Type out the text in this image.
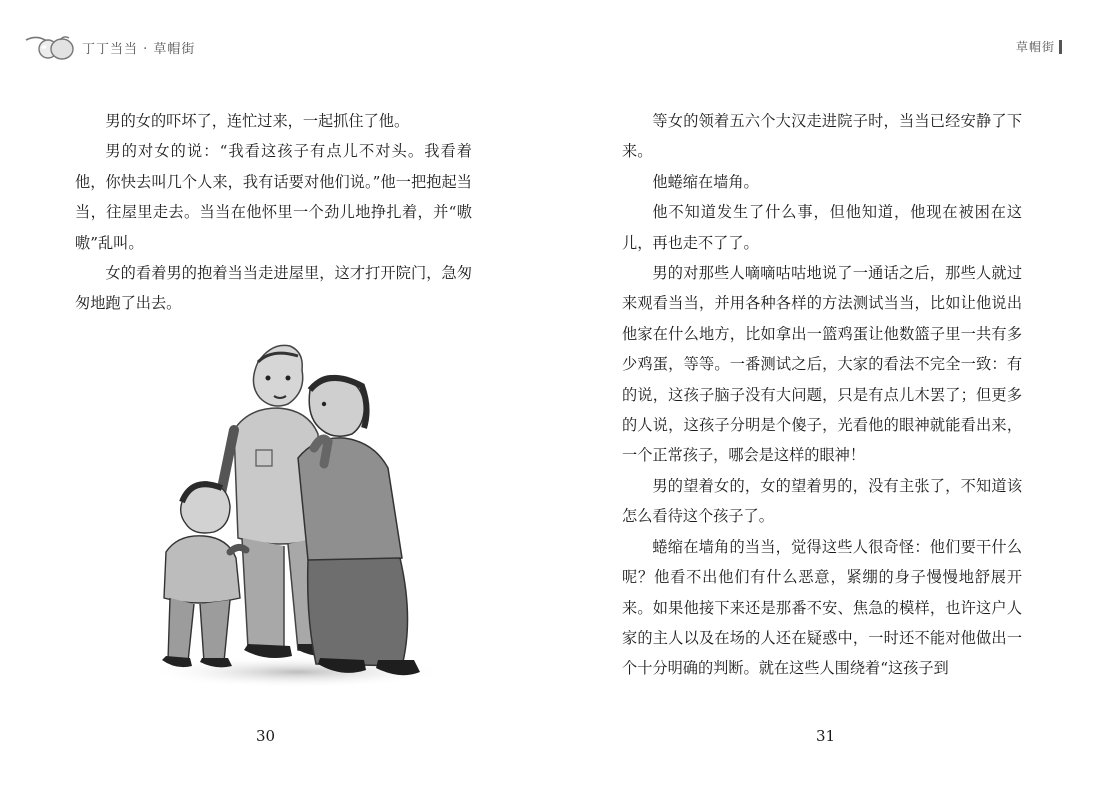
丁丁当当 · 草帽街

男的女的吓坏了，连忙过来，一起抓住了他。

男的对女的说：“我看这孩子有点儿不对头。我看着他，你快去叫几个人来，我有话要对他们说。”他一把抱起当当，往屋里走去。当当在他怀里一个劲儿地挣扎着，并“嗷嗷”乱叫。

女的看着男的抱着当当走进屋里，这才打开院门，急匆匆地跑了出去。

30
草帽街

等女的领着五六个大汉走进院子时，当当已经安静了下来。

他蜷缩在墙角。

他不知道发生了什么事，但他知道，他现在被困在这儿，再也走不了了。

男的对那些人嘀嘀咕咕地说了一通话之后，那些人就过来观看当当，并用各种各样的方法测试当当，比如让他说出他家在什么地方，比如拿出一篮鸡蛋让他数篮子里一共有多少鸡蛋，等等。一番测试之后，大家的看法不完全一致：有的说，这孩子脑子没有大问题，只是有点儿木罢了；但更多的人说，这孩子分明是个傻子，光看他的眼神就能看出来，一个正常孩子，哪会是这样的眼神！

男的望着女的，女的望着男的，没有主张了，不知道该怎么看待这个孩子了。

蜷缩在墙角的当当，觉得这些人很奇怪：他们要干什么呢？他看不出他们有什么恶意，紧绷的身子慢慢地舒展开来。如果他接下来还是那番不安、焦急的模样，也许这户人家的主人以及在场的人还在疑惑中，一时还不能对他做出一个十分明确的判断。就在这些人围绕着“这孩子到

31
